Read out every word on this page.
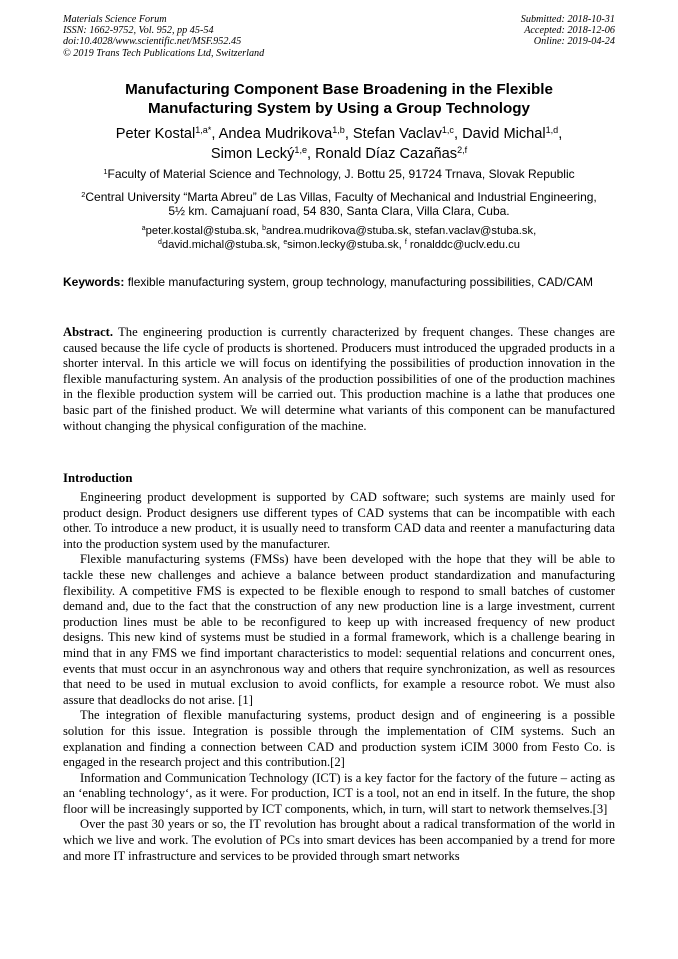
Materials Science Forum
ISSN: 1662-9752, Vol. 952, pp 45-54
doi:10.4028/www.scientific.net/MSF.952.45
© 2019 Trans Tech Publications Ltd, Switzerland
Submitted: 2018-10-31
Accepted: 2018-12-06
Online: 2019-04-24
Manufacturing Component Base Broadening in the Flexible
Manufacturing System by Using a Group Technology
Peter Kostal$^{1,a*}$, Andea Mudrikova$^{1,b}$, Stefan Vaclav$^{1,c}$, David Michal$^{1,d}$,
Simon Lecký$^{1,e}$, Ronald Díaz Cazañas$^{2,f}$
$^1$Faculty of Material Science and Technology, J. Bottu 25, 91724 Trnava, Slovak Republic
$^2$Central University “Marta Abreu” de Las Villas, Faculty of Mechanical and Industrial Engineering,
5½ km. Camajuaní road, 54 830, Santa Clara, Villa Clara, Cuba.
$^a$peter.kostal@stuba.sk, $^b$andrea.mudrikova@stuba.sk, stefan.vaclav@stuba.sk,
$^d$david.michal@stuba.sk, $^e$simon.lecky@stuba.sk, $^f$ ronalddc@uclv.edu.cu
Keywords: flexible manufacturing system, group technology, manufacturing possibilities, CAD/CAM
Abstract. The engineering production is currently characterized by frequent changes. These changes are caused because the life cycle of products is shortened. Producers must introduced the upgraded products in a shorter interval. In this article we will focus on identifying the possibilities of production innovation in the flexible manufacturing system. An analysis of the production possibilities of one of the production machines in the flexible production system will be carried out. This production machine is a lathe that produces one basic part of the finished product. We will determine what variants of this component can be manufactured without changing the physical configuration of the machine.
Introduction

Engineering product development is supported by CAD software; such systems are mainly used for product design. Product designers use different types of CAD systems that can be incompatible with each other. To introduce a new product, it is usually need to transform CAD data and reenter a manufacturing data into the production system used by the manufacturer.

Flexible manufacturing systems (FMSs) have been developed with the hope that they will be able to tackle these new challenges and achieve a balance between product standardization and manufacturing flexibility. A competitive FMS is expected to be flexible enough to respond to small batches of customer demand and, due to the fact that the construction of any new production line is a large investment, current production lines must be able to be reconfigured to keep up with increased frequency of new product designs. This new kind of systems must be studied in a formal framework, which is a challenge bearing in mind that in any FMS we find important characteristics to model: sequential relations and concurrent ones, events that must occur in an asynchronous way and others that require synchronization, as well as resources that need to be used in mutual exclusion to avoid conflicts, for example a resource robot. We must also assure that deadlocks do not arise. [1]

The integration of flexible manufacturing systems, product design and of engineering is a possible solution for this issue. Integration is possible through the implementation of CIM systems. Such an explanation and finding a connection between CAD and production system iCIM 3000 from Festo Co. is engaged in the research project and this contribution.[2]

Information and Communication Technology (ICT) is a key factor for the factory of the future – acting as an ‘enabling technology‘, as it were. For production, ICT is a tool, not an end in itself. In the future, the shop floor will be increasingly supported by ICT components, which, in turn, will start to network themselves.[3]

Over the past 30 years or so, the IT revolution has brought about a radical transformation of the world in which we live and work. The evolution of PCs into smart devices has been accompanied by a trend for more and more IT infrastructure and services to be provided through smart networks
